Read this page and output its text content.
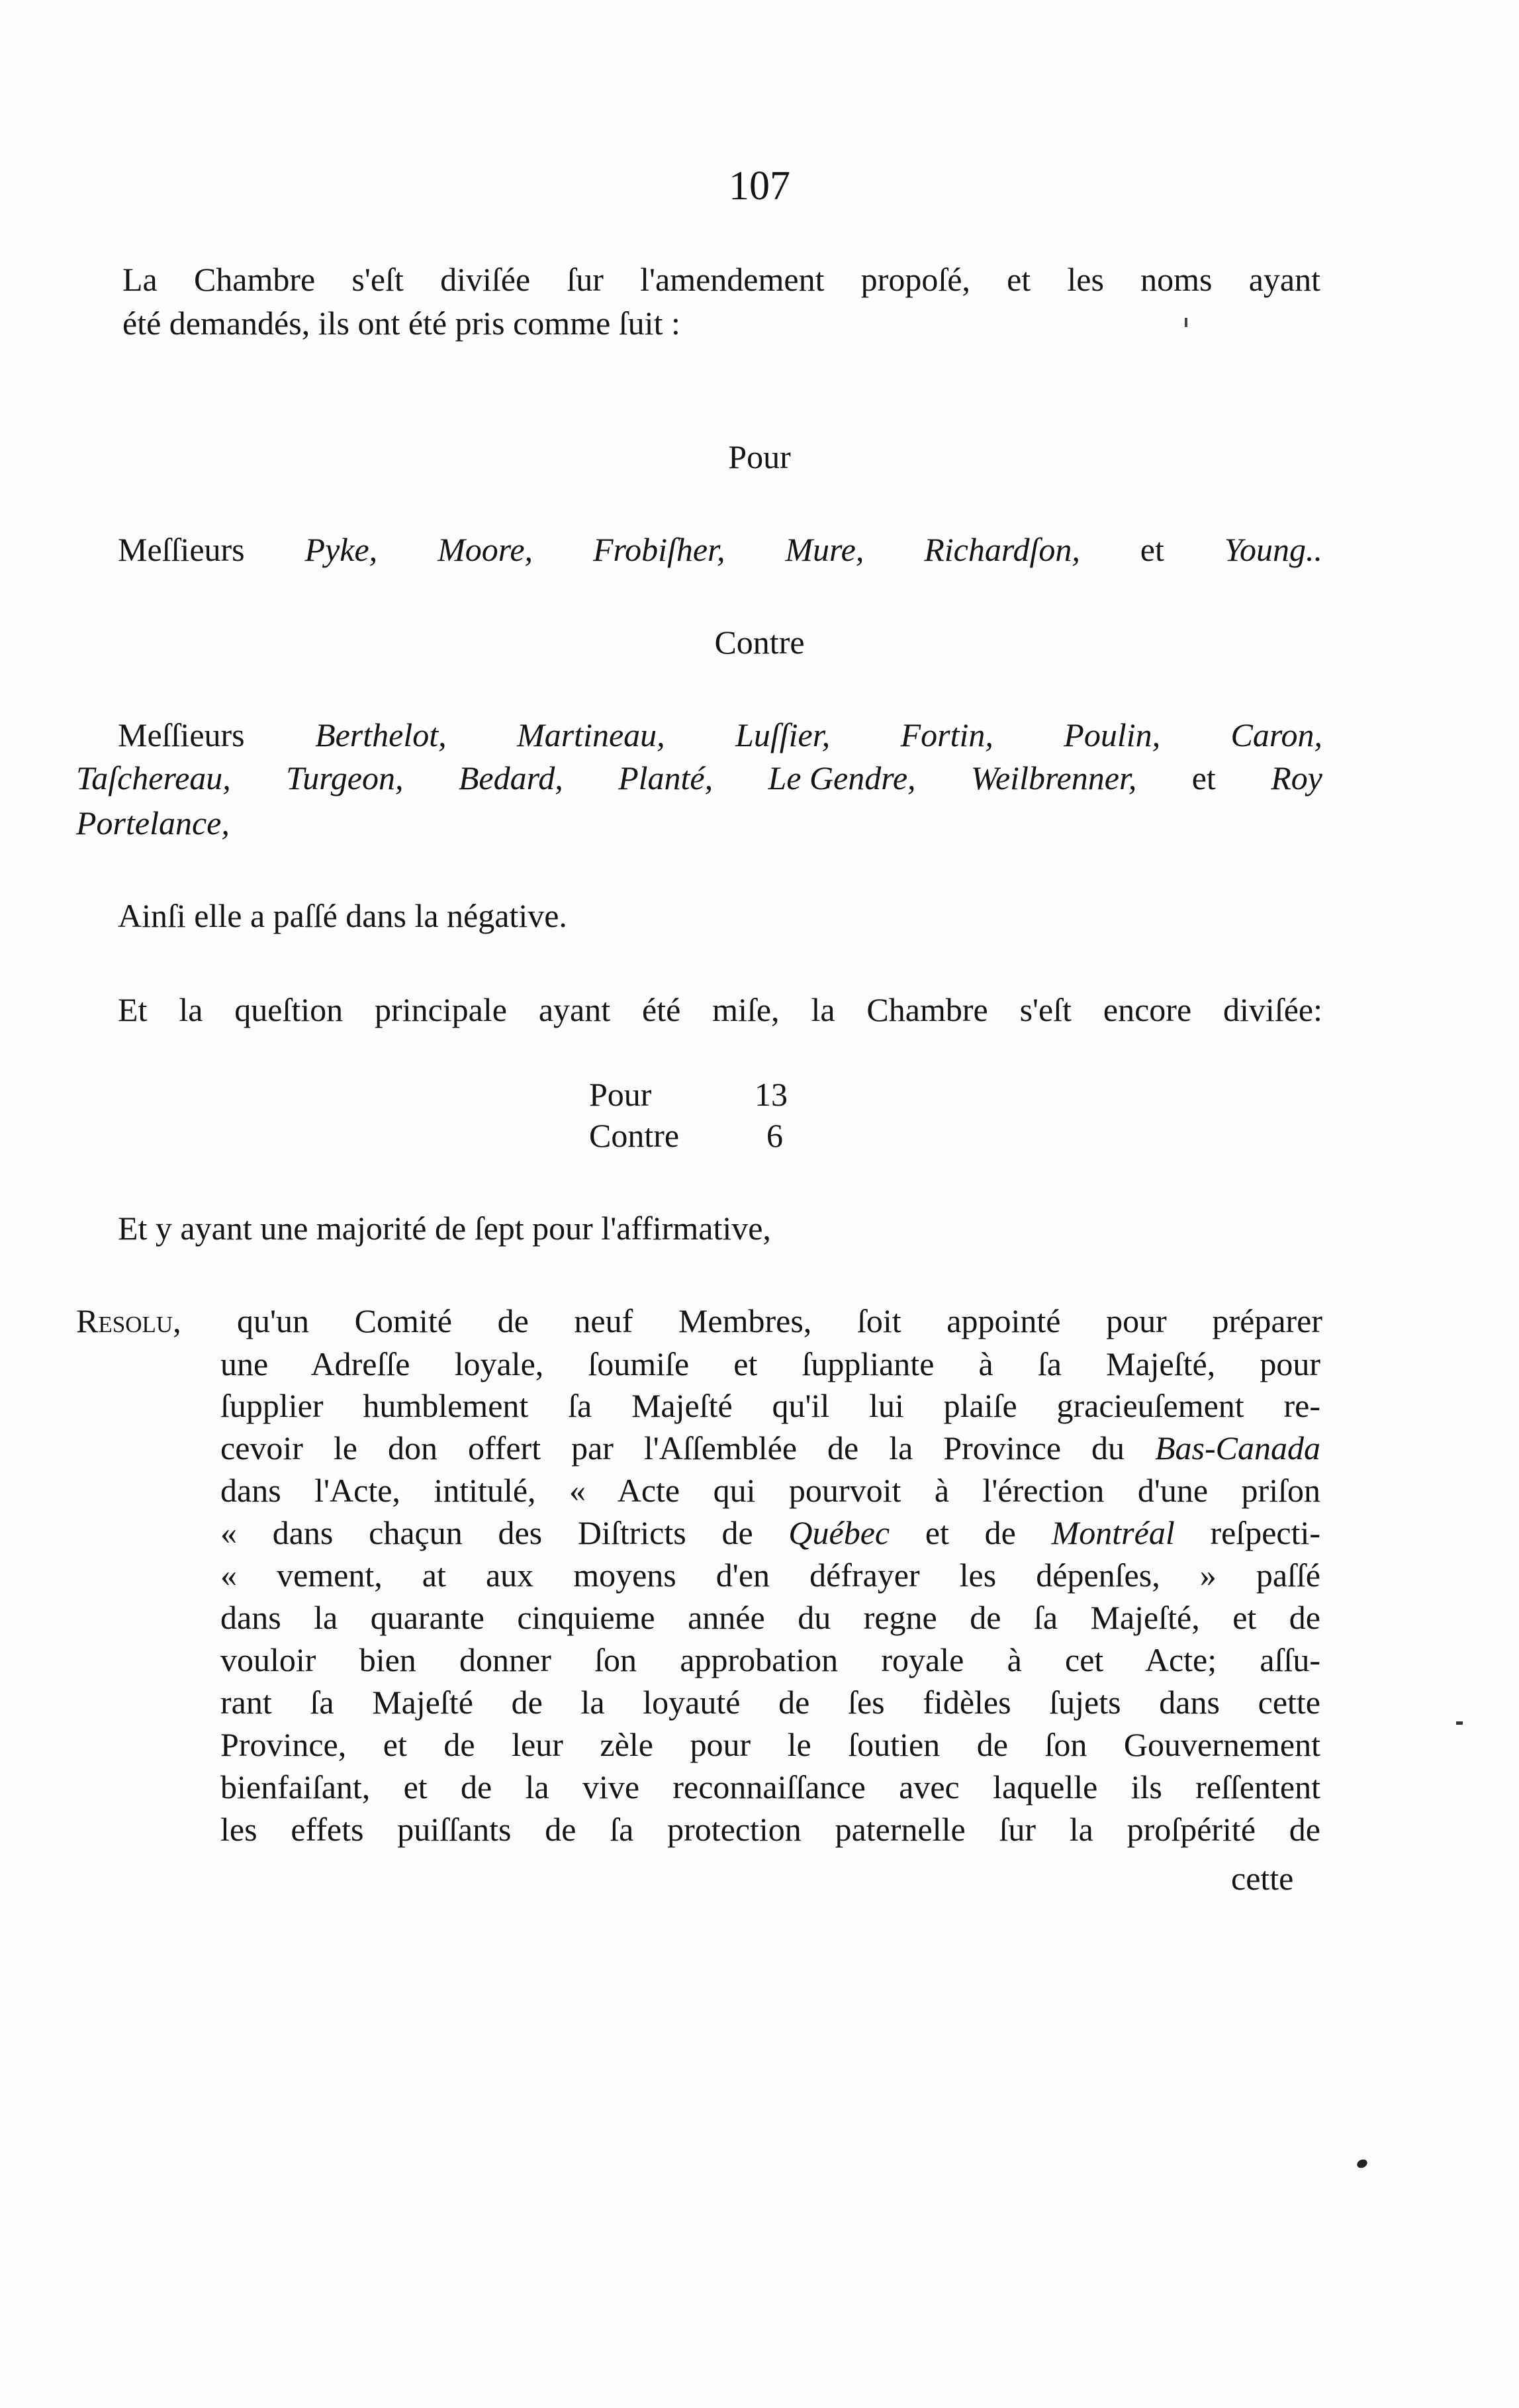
107
La Chambre s'eſt diviſée ſur l'amendement propoſé, et les noms ayant
été demandés, ils ont été pris comme ſuit :
Pour
Meſſieurs Pyke, Moore, Frobiſher, Mure, Richardſon, et Young..
Contre
Meſſieurs Berthelot, Martineau, Luſſier, Fortin, Poulin, Caron,
Taſchereau, Turgeon, Bedard, Planté, Le Gendre, Weilbrenner, et Roy
Portelance,
Ainſi elle a paſſé dans la négative.
Et la queſtion principale ayant été miſe, la Chambre s'eſt encore diviſée:
Pour	13
Contre	6
Et y ayant une majorité de ſept pour l'affirmative,
Resolu, qu'un Comité de neuf Membres, ſoit appointé pour préparer
une Adreſſe loyale, ſoumiſe et ſuppliante à ſa Majeſté, pour
ſupplier humblement ſa Majeſté qu'il lui plaiſe gracieuſement re-
cevoir le don offert par l'Aſſemblée de la Province du Bas-Canada
dans l'Acte, intitulé, « Acte qui pourvoit à l'érection d'une priſon
« dans chaçun des Diſtricts de Québec et de Montréal reſpecti-
« vement, at aux moyens d'en défrayer les dépenſes, » paſſé
dans la quarante cinquieme année du regne de ſa Majeſté, et de
vouloir bien donner ſon approbation royale à cet Acte; aſſu-
rant ſa Majeſté de la loyauté de ſes fidèles ſujets dans cette
Province, et de leur zèle pour le ſoutien de ſon Gouvernement
bienfaiſant, et de la vive reconnaiſſance avec laquelle ils reſſentent
les effets puiſſants de ſa protection paternelle ſur la proſpérité de
cette
